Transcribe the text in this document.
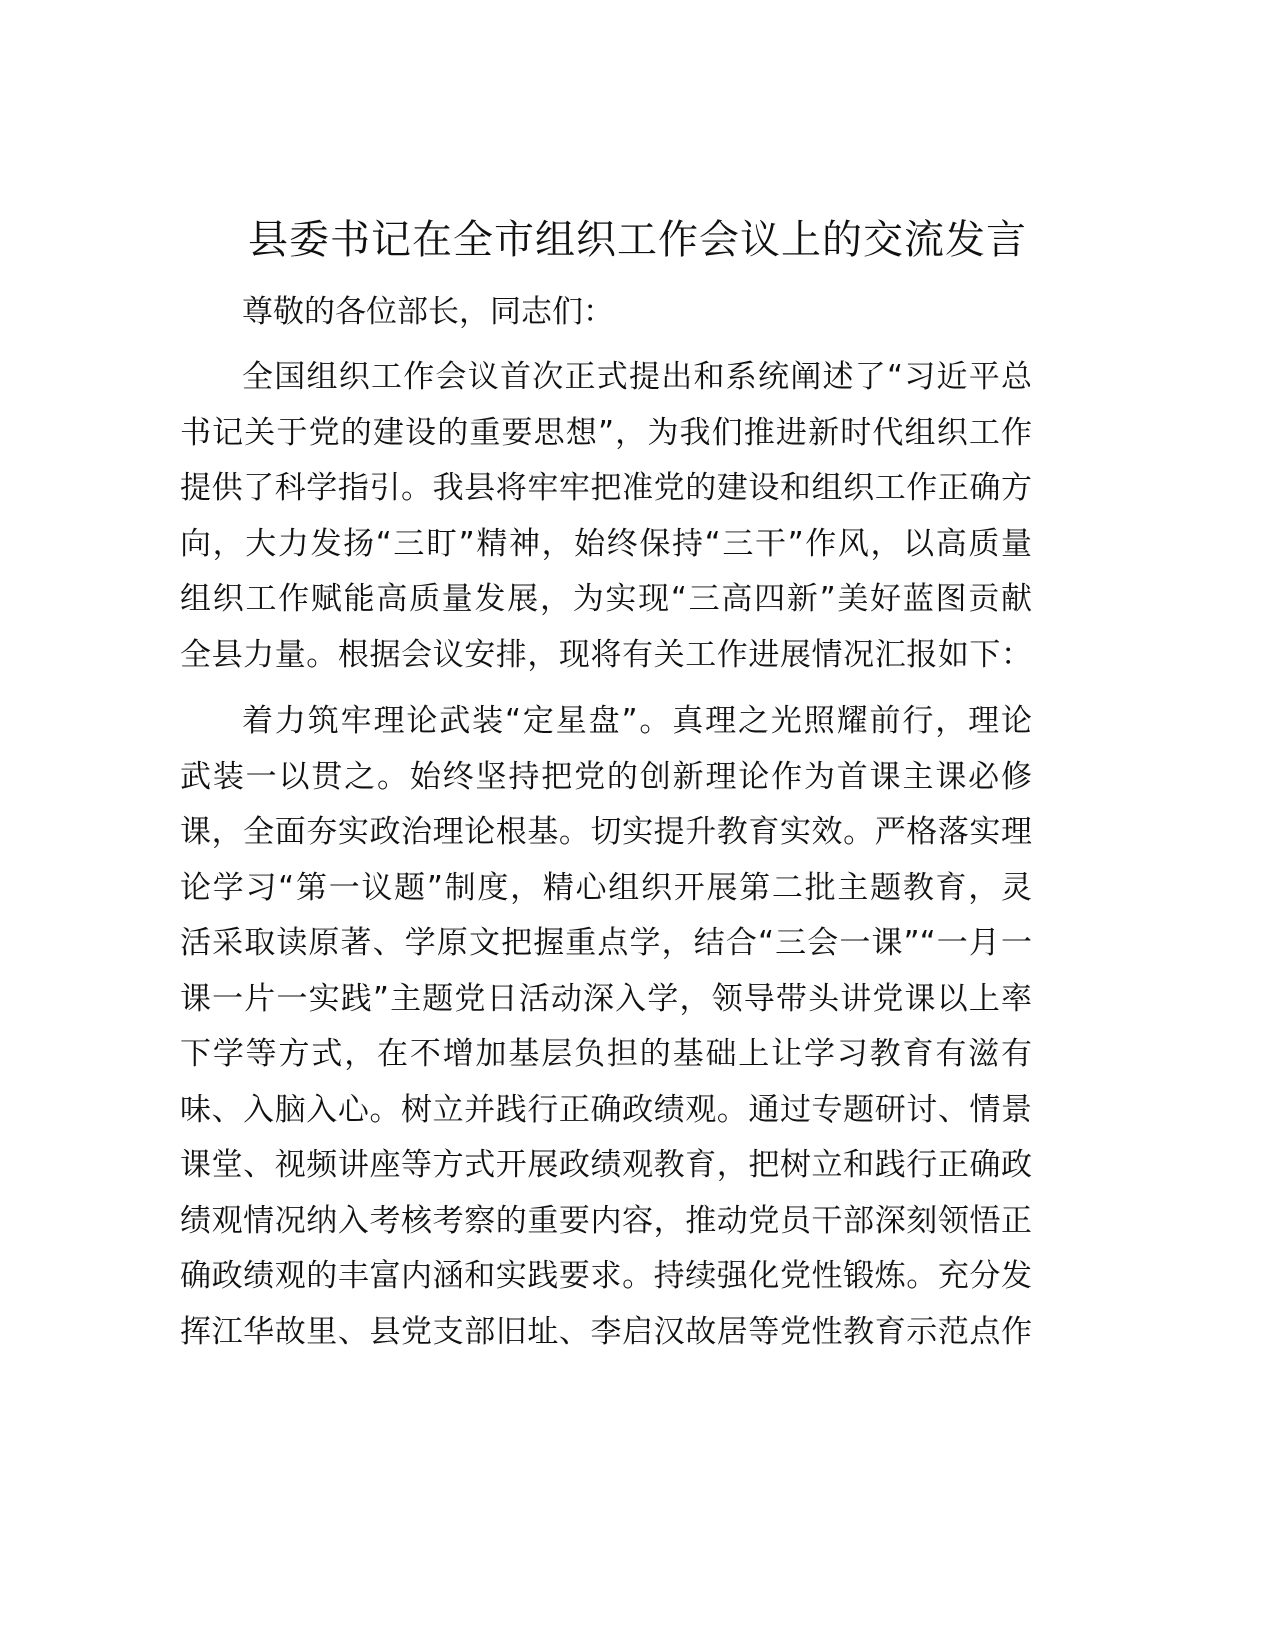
县委书记在全市组织工作会议上的交流发言
尊敬的各位部长，同志们：
全国组织工作会议首次正式提出和系统阐述了“习近平总
书记关于党的建设的重要思想”，为我们推进新时代组织工作
提供了科学指引。我县将牢牢把准党的建设和组织工作正确方
向，大力发扬“三盯”精神，始终保持“三干”作风，以高质量
组织工作赋能高质量发展，为实现“三高四新”美好蓝图贡献
全县力量。根据会议安排，现将有关工作进展情况汇报如下：
着力筑牢理论武装“定星盘”。真理之光照耀前行，理论
武装一以贯之。始终坚持把党的创新理论作为首课主课必修
课，全面夯实政治理论根基。切实提升教育实效。严格落实理
论学习“第一议题”制度，精心组织开展第二批主题教育，灵
活采取读原著、学原文把握重点学，结合“三会一课”“一月一
课一片一实践”主题党日活动深入学，领导带头讲党课以上率
下学等方式，在不增加基层负担的基础上让学习教育有滋有
味、入脑入心。树立并践行正确政绩观。通过专题研讨、情景
课堂、视频讲座等方式开展政绩观教育，把树立和践行正确政
绩观情况纳入考核考察的重要内容，推动党员干部深刻领悟正
确政绩观的丰富内涵和实践要求。持续强化党性锻炼。充分发
挥江华故里、县党支部旧址、李启汉故居等党性教育示范点作
